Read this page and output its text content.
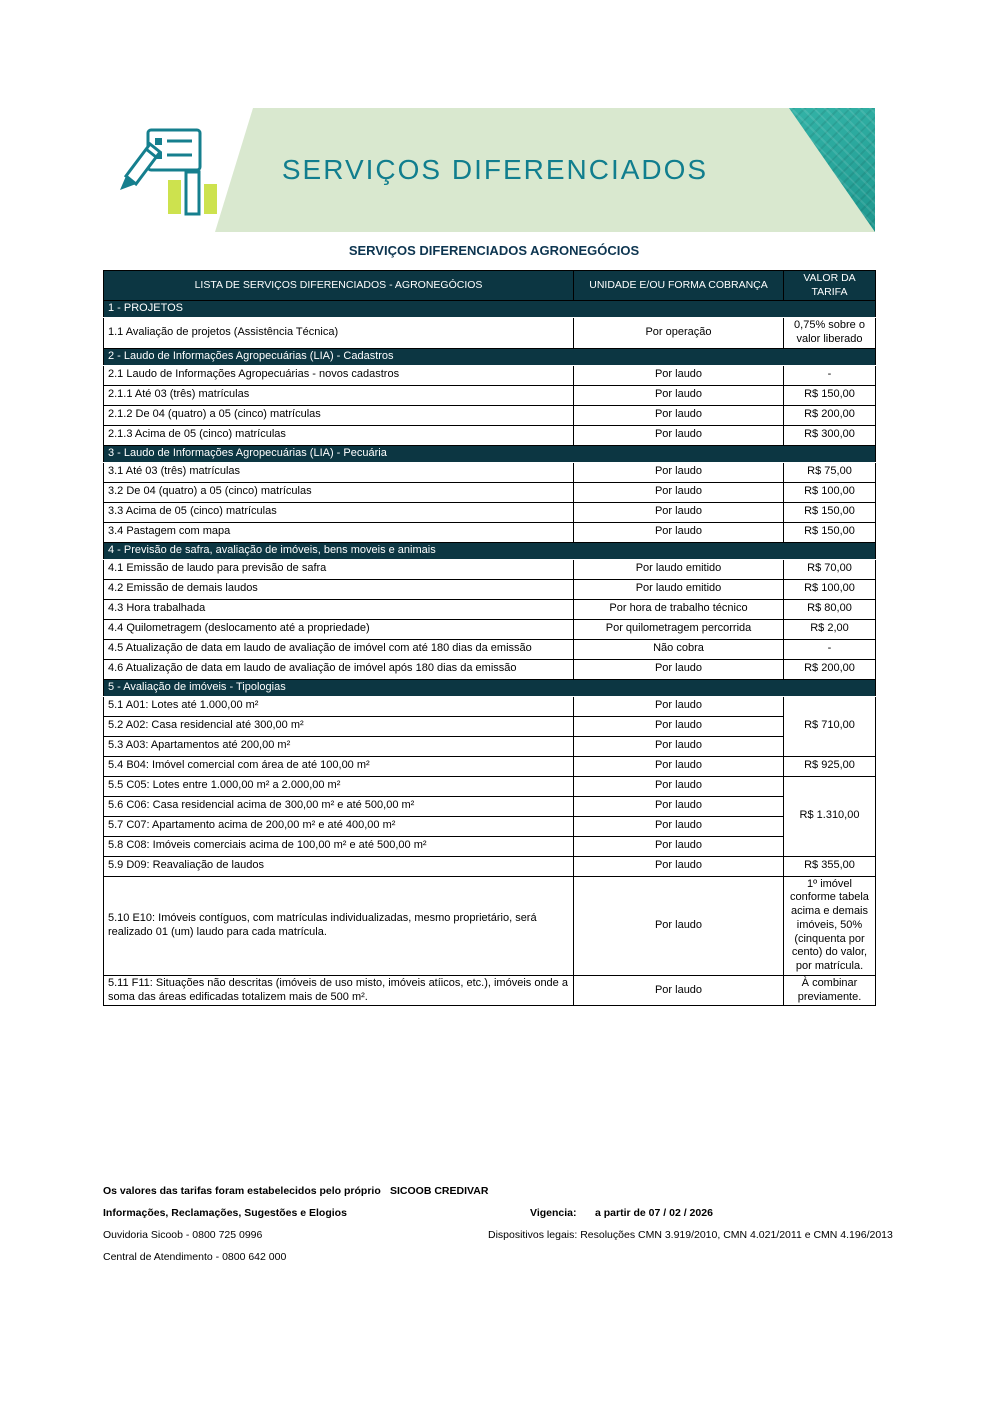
SERVIÇOS DIFERENCIADOS
SERVIÇOS DIFERENCIADOS AGRONEGÓCIOS
LISTA DE SERVIÇOS DIFERENCIADOS - AGRONEGÓCIOS	UNIDADE E/OU FORMA COBRANÇA	VALOR DA TARIFA
1 - PROJETOS		
1.1 Avaliação de projetos (Assistência Técnica)	Por operação	0,75% sobre o valor liberado
2 - Laudo de Informações Agropecuárias (LIA) - Cadastros		
2.1 Laudo de Informações Agropecuárias - novos cadastros	Por laudo	-
2.1.1 Até 03 (três) matrículas	Por laudo	R$ 150,00
2.1.2 De 04 (quatro) a 05 (cinco) matrículas	Por laudo	R$ 200,00
2.1.3 Acima de 05 (cinco) matrículas	Por laudo	R$ 300,00
3 - Laudo de Informações Agropecuárias (LIA) - Pecuária		
3.1 Até 03 (três) matrículas	Por laudo	R$ 75,00
3.2 De 04 (quatro) a 05 (cinco) matrículas	Por laudo	R$ 100,00
3.3 Acima de 05 (cinco) matrículas	Por laudo	R$ 150,00
3.4 Pastagem com mapa	Por laudo	R$ 150,00
4 - Previsão de safra, avaliação de imóveis, bens moveis e animais		
4.1 Emissão de laudo para previsão de safra	Por laudo emitido	R$ 70,00
4.2 Emissão de demais laudos	Por laudo emitido	R$ 100,00
4.3 Hora trabalhada	Por hora de trabalho técnico	R$ 80,00
4.4 Quilometragem (deslocamento até a propriedade)	Por quilometragem percorrida	R$ 2,00
4.5 Atualização de data em laudo de avaliação de imóvel com até 180 dias da emissão	Não cobra	-
4.6 Atualização de data em laudo de avaliação de imóvel após 180 dias da emissão	Por laudo	R$ 200,00
5 - Avaliação de imóveis - Tipologias		
5.1 A01: Lotes até 1.000,00 m²	Por laudo	R$ 710,00
5.2 A02: Casa residencial até 300,00 m²	Por laudo	
5.3 A03: Apartamentos até 200,00 m²	Por laudo	
5.4 B04: Imóvel comercial com área de até 100,00 m²	Por laudo	R$ 925,00
5.5 C05: Lotes entre 1.000,00 m² a 2.000,00 m²	Por laudo	R$ 1.310,00
5.6 C06: Casa residencial acima de 300,00 m² e até 500,00 m²	Por laudo	
5.7 C07: Apartamento acima de 200,00 m² e até 400,00 m²	Por laudo	
5.8 C08: Imóveis comerciais acima de 100,00 m² e até 500,00 m²	Por laudo	
5.9 D09: Reavaliação de laudos	Por laudo	R$ 355,00
5.10 E10: Imóveis contíguos, com matrículas individualizadas, mesmo proprietário, será realizado 01 (um) laudo para cada matrícula.	Por laudo	1º imóvel conforme tabela acima e demais imóveis, 50% (cinquenta por cento) do valor, por matrícula.
5.11 F11: Situações não descritas (imóveis de uso misto, imóveis atíicos, etc.), imóveis onde a soma das áreas edificadas totalizem mais de 500 m².	Por laudo	À combinar previamente.
Os valores das tarifas foram estabelecidos pelo próprio SICOOB CREDIVAR
Informações, Reclamações, Sugestões e Elogios	Vigencia: a partir de 07 / 02 / 2026
Ouvidoria Sicoob - 0800 725 0996	Dispositivos legais: Resoluções CMN 3.919/2010, CMN 4.021/2011 e CMN 4.196/2013
Central de Atendimento - 0800 642 000
